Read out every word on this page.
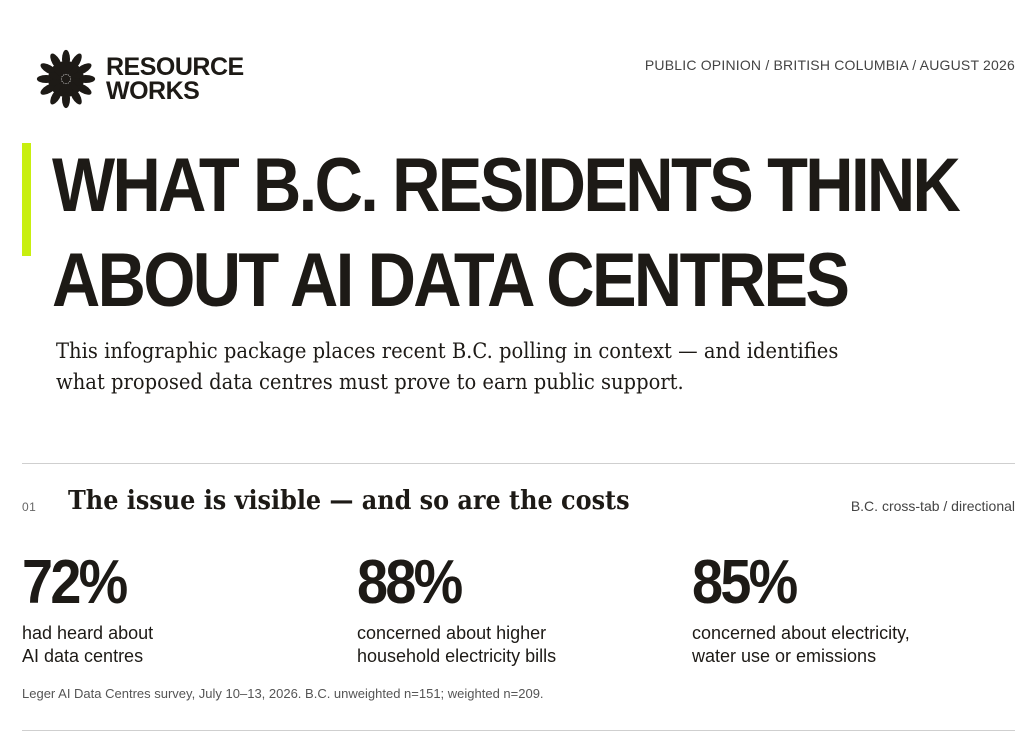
RESOURCE
WORKS
PUBLIC OPINION / BRITISH COLUMBIA / AUGUST 2026
WHAT B.C. RESIDENTS THINK
ABOUT AI DATA CENTRES

This infographic package places recent B.C. polling in context — and identifies
what proposed data centres must prove to earn public support.

01 The issue is visible — and so are the costs	B.C. cross-tab / directional
72%
had heard about
AI data centres
88%
concerned about higher
household electricity bills
85%
concerned about electricity,
water use or emissions
Leger AI Data Centres survey, July 10–13, 2026. B.C. unweighted n=151; weighted n=209.
